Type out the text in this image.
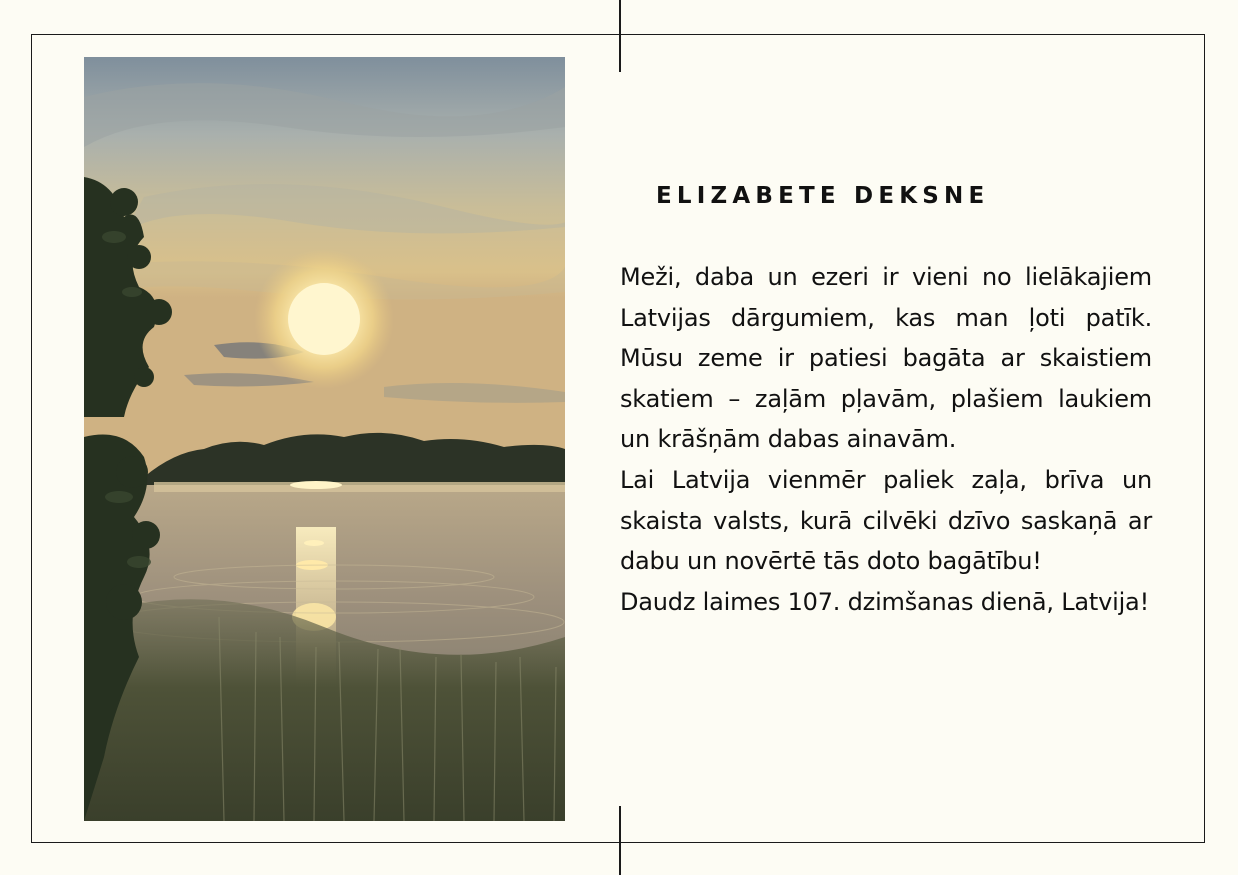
ELIZABETE DEKSNE

Meži, daba un ezeri ir vieni no lielākajiem Latvijas dārgumiem, kas man ļoti patīk. Mūsu zeme ir patiesi bagāta ar skaistiem skatiem – zaļām pļavām, plašiem laukiem un krāšņām dabas ainavām.

Lai Latvija vienmēr paliek zaļa, brīva un skaista valsts, kurā cilvēki dzīvo saskaņā ar dabu un novērtē tās doto bagātību!

Daudz laimes 107. dzimšanas dienā, Latvija!
